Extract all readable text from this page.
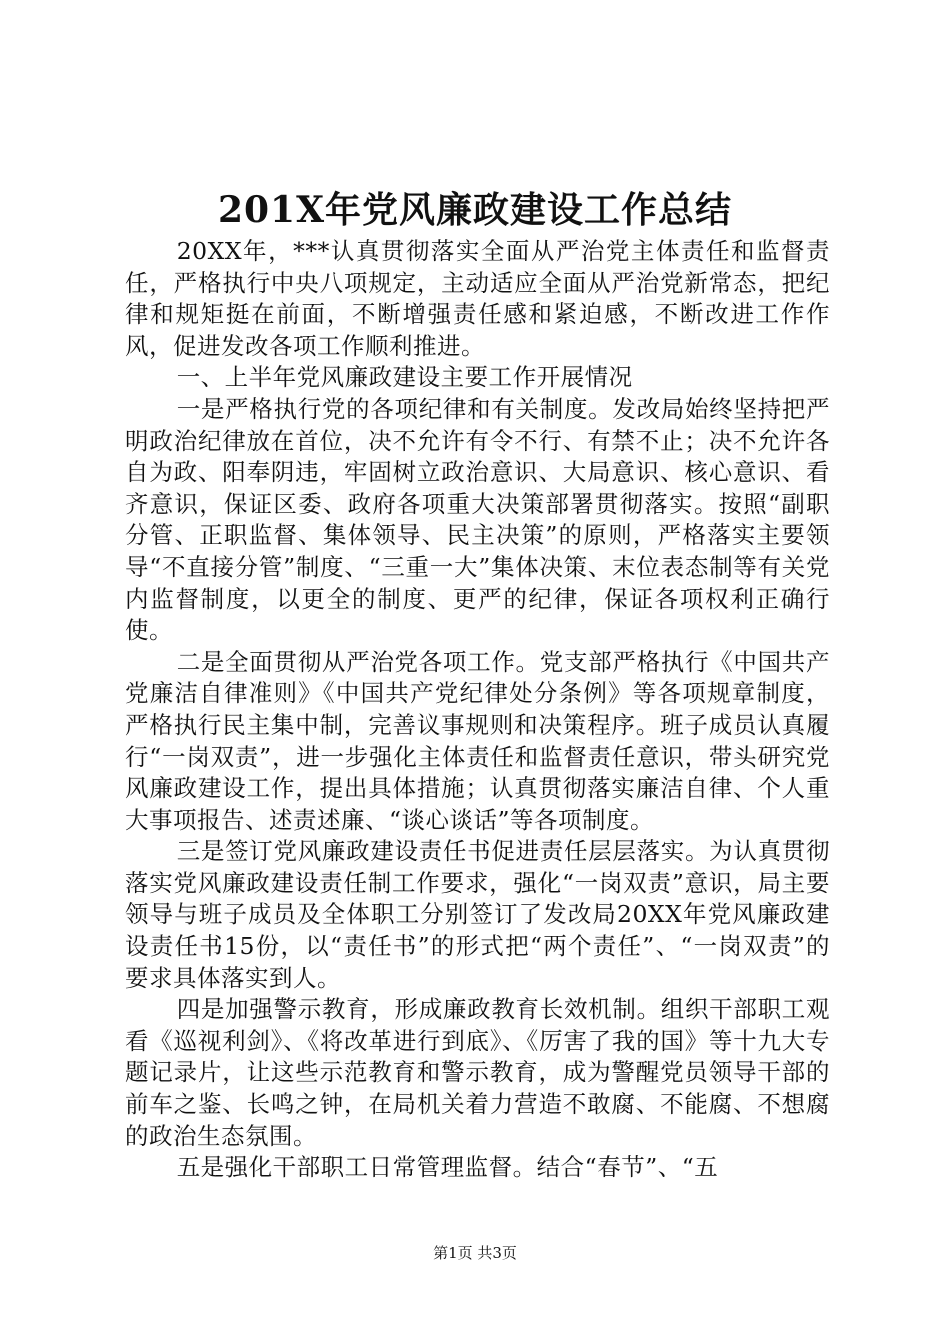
201X年党风廉政建设工作总结

20XX年，***认真贯彻落实全面从严治党主体责任和监督责任，严格执行中央八项规定，主动适应全面从严治党新常态，把纪律和规矩挺在前面，不断增强责任感和紧迫感，不断改进工作作风，促进发改各项工作顺利推进。

一、上半年党风廉政建设主要工作开展情况

一是严格执行党的各项纪律和有关制度。发改局始终坚持把严明政治纪律放在首位，决不允许有令不行、有禁不止；决不允许各自为政、阳奉阴违，牢固树立政治意识、大局意识、核心意识、看齐意识，保证区委、政府各项重大决策部署贯彻落实。按照“副职分管、正职监督、集体领导、民主决策”的原则，严格落实主要领导“不直接分管”制度、“三重一大”集体决策、末位表态制等有关党内监督制度，以更全的制度、更严的纪律，保证各项权利正确行使。

二是全面贯彻从严治党各项工作。党支部严格执行《中国共产党廉洁自律准则》《中国共产党纪律处分条例》等各项规章制度，严格执行民主集中制，完善议事规则和决策程序。班子成员认真履行“一岗双责”，进一步强化主体责任和监督责任意识，带头研究党风廉政建设工作，提出具体措施；认真贯彻落实廉洁自律、个人重大事项报告、述责述廉、“谈心谈话”等各项制度。

三是签订党风廉政建设责任书促进责任层层落实。为认真贯彻落实党风廉政建设责任制工作要求，强化“一岗双责”意识，局主要领导与班子成员及全体职工分别签订了发改局20XX年党风廉政建设责任书15份，以“责任书”的形式把“两个责任”、“一岗双责”的要求具体落实到人。

四是加强警示教育，形成廉政教育长效机制。组织干部职工观看《巡视利剑》、《将改革进行到底》、《厉害了我的国》等十九大专题记录片，让这些示范教育和警示教育，成为警醒党员领导干部的前车之鉴、长鸣之钟，在局机关着力营造不敢腐、不能腐、不想腐的政治生态氛围。

五是强化干部职工日常管理监督。结合“春节”、“五

第1页 共3页
